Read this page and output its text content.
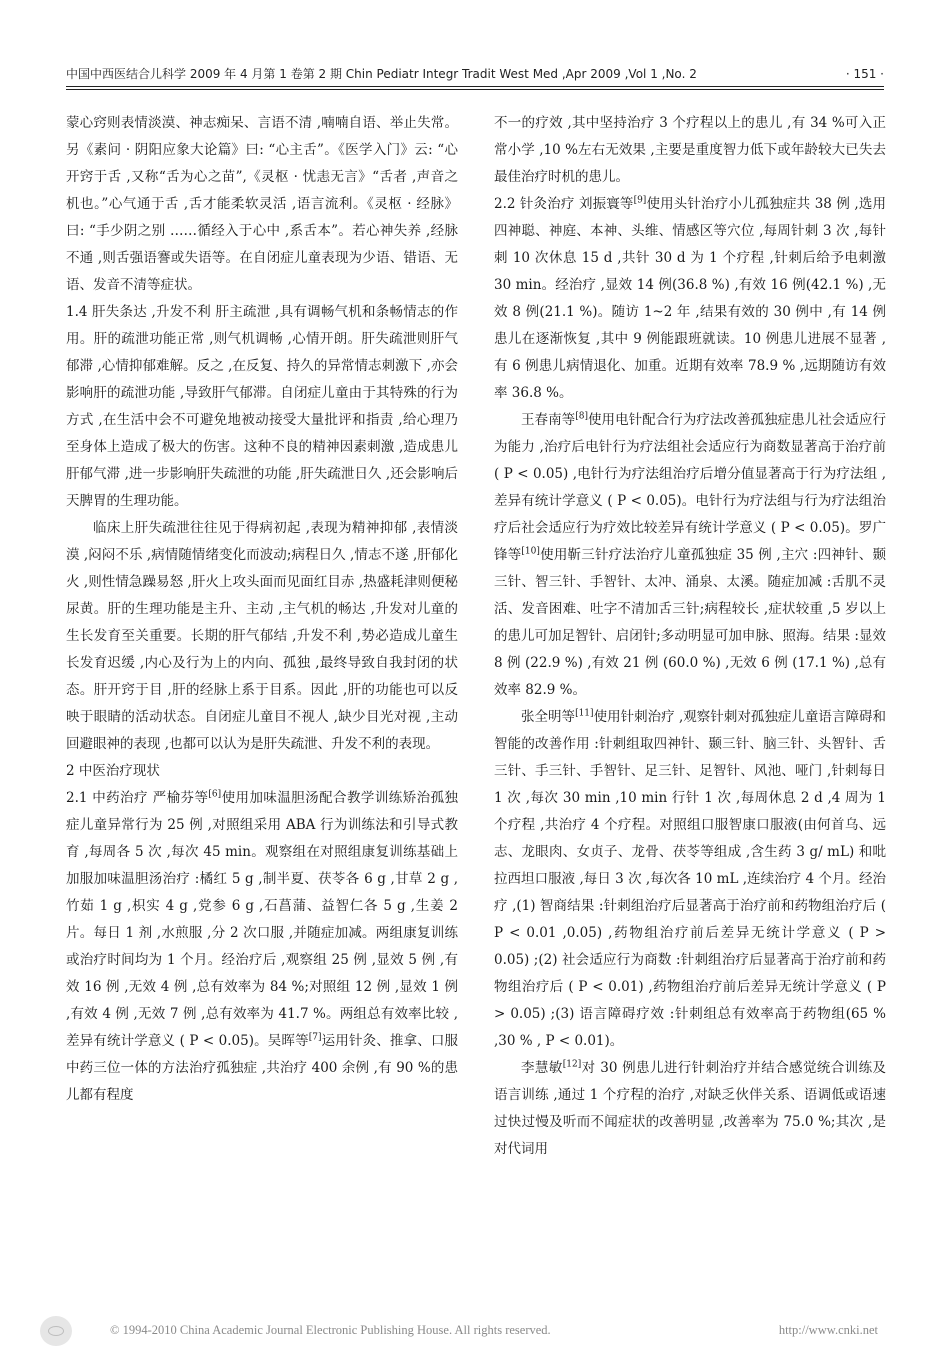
中国中西医结合儿科学 2009 年 4 月第 1 卷第 2 期 Chin Pediatr Integr Tradit West Med ,Apr 2009 ,Vol 1 ,No. 2	· 151 ·

蒙心窍则表情淡漠、神志痴呆、言语不清 ,喃喃自语、举止失常。另《素问 · 阴阳应象大论篇》曰: “心主舌”。《医学入门》云: “心开窍于舌 ,又称“舌为心之苗”,《灵枢 · 忧恚无言》“舌者 ,声音之机也。”心气通于舌 ,舌才能柔软灵活 ,语言流利。《灵枢 · 经脉》曰: “手少阴之别 ……循经入于心中 ,系舌本”。若心神失养 ,经脉不通 ,则舌强语謇或失语等。在自闭症儿童表现为少语、错语、无语、发音不清等症状。

1.4 肝失条达 ,升发不利 肝主疏泄 ,具有调畅气机和条畅情志的作用。肝的疏泄功能正常 ,则气机调畅 ,心情开朗。肝失疏泄则肝气郁滞 ,心情抑郁难解。反之 ,在反复、持久的异常情志刺激下 ,亦会影响肝的疏泄功能 ,导致肝气郁滞。自闭症儿童由于其特殊的行为方式 ,在生活中会不可避免地被动接受大量批评和指责 ,给心理乃至身体上造成了极大的伤害。这种不良的精神因素刺激 ,造成患儿肝郁气滞 ,进一步影响肝失疏泄的功能 ,肝失疏泄日久 ,还会影响后天脾胃的生理功能。

临床上肝失疏泄往往见于得病初起 ,表现为精神抑郁 ,表情淡漠 ,闷闷不乐 ,病情随情绪变化而波动;病程日久 ,情志不遂 ,肝郁化火 ,则性情急躁易怒 ,肝火上攻头面而见面红目赤 ,热盛耗津则便秘尿黄。肝的生理功能是主升、主动 ,主气机的畅达 ,升发对儿童的生长发育至关重要。长期的肝气郁结 ,升发不利 ,势必造成儿童生长发育迟缓 ,内心及行为上的内向、孤独 ,最终导致自我封闭的状态。肝开窍于目 ,肝的经脉上系于目系。因此 ,肝的功能也可以反映于眼睛的活动状态。自闭症儿童目不视人 ,缺少目光对视 ,主动回避眼神的表现 ,也都可以认为是肝失疏泄、升发不利的表现。

2 中医治疗现状

2.1 中药治疗 严榆芬等[6]使用加味温胆汤配合教学训练矫治孤独症儿童异常行为 25 例 ,对照组采用 ABA 行为训练法和引导式教育 ,每周各 5 次 ,每次 45 min。观察组在对照组康复训练基础上加服加味温胆汤治疗 :橘红 5 g ,制半夏、茯苓各 6 g ,甘草 2 g ,竹茹 1 g ,枳实 4 g ,党参 6 g ,石菖蒲、益智仁各 5 g ,生姜 2 片。每日 1 剂 ,水煎服 ,分 2 次口服 ,并随症加减。两组康复训练或治疗时间均为 1 个月。经治疗后 ,观察组 25 例 ,显效 5 例 ,有效 16 例 ,无效 4 例 ,总有效率为 84 %;对照组 12 例 ,显效 1 例 ,有效 4 例 ,无效 7 例 ,总有效率为 41.7 %。两组总有效率比较 ,差异有统计学意义 ( P < 0.05)。吴晖等[7]运用针灸、推拿、口服中药三位一体的方法治疗孤独症 ,共治疗 400 余例 ,有 90 %的患儿都有程度

不一的疗效 ,其中坚持治疗 3 个疗程以上的患儿 ,有 34 %可入正常小学 ,10 %左右无效果 ,主要是重度智力低下或年龄较大已失去最佳治疗时机的患儿。

2.2 针灸治疗 刘振寰等[9]使用头针治疗小儿孤独症共 38 例 ,选用四神聪、神庭、本神、头维、情感区等穴位 ,每周针刺 3 次 ,每针刺 10 次休息 15 d ,共针 30 d 为 1 个疗程 ,针刺后给予电刺激 30 min。经治疗 ,显效 14 例(36.8 %) ,有效 16 例(42.1 %) ,无效 8 例(21.1 %)。随访 1~2 年 ,结果有效的 30 例中 ,有 14 例患儿在逐渐恢复 ,其中 9 例能跟班就读。10 例患儿进展不显著 ,有 6 例患儿病情退化、加重。近期有效率 78.9 % ,远期随访有效率 36.8 %。

王春南等[8]使用电针配合行为疗法改善孤独症患儿社会适应行为能力 ,治疗后电针行为疗法组社会适应行为商数显著高于治疗前 ( P < 0.05) ,电针行为疗法组治疗后增分值显著高于行为疗法组 ,差异有统计学意义 ( P < 0.05)。电针行为疗法组与行为疗法组治疗后社会适应行为疗效比较差异有统计学意义 ( P < 0.05)。罗广锋等[10]使用靳三针疗法治疗儿童孤独症 35 例 ,主穴 :四神针、颞三针、智三针、手智针、太冲、涌泉、太溪。随症加减 :舌肌不灵活、发音困难、吐字不清加舌三针;病程较长 ,症状较重 ,5 岁以上的患儿可加足智针、启闭针;多动明显可加申脉、照海。结果 :显效 8 例 (22.9 %) ,有效 21 例 (60.0 %) ,无效 6 例 (17.1 %) ,总有效率 82.9 %。

张全明等[11]使用针刺治疗 ,观察针刺对孤独症儿童语言障碍和智能的改善作用 :针刺组取四神针、颞三针、脑三针、头智针、舌三针、手三针、手智针、足三针、足智针、风池、哑门 ,针刺每日 1 次 ,每次 30 min ,10 min 行针 1 次 ,每周休息 2 d ,4 周为 1 个疗程 ,共治疗 4 个疗程。对照组口服智康口服液(由何首乌、远志、龙眼肉、女贞子、龙骨、茯苓等组成 ,含生药 3 g/ mL) 和吡拉西坦口服液 ,每日 3 次 ,每次各 10 mL ,连续治疗 4 个月。经治疗 ,(1) 智商结果 :针刺组治疗后显著高于治疗前和药物组治疗后 ( P < 0.01 ,0.05) ,药物组治疗前后差异无统计学意义 ( P > 0.05) ;(2) 社会适应行为商数 :针刺组治疗后显著高于治疗前和药物组治疗后 ( P < 0.01) ,药物组治疗前后差异无统计学意义 ( P > 0.05) ;(3) 语言障碍疗效 :针刺组总有效率高于药物组(65 % ,30 % , P < 0.01)。

李慧敏[12]对 30 例患儿进行针刺治疗并结合感觉统合训练及语言训练 ,通过 1 个疗程的治疗 ,对缺乏伙伴关系、语调低或语速过快过慢及听而不闻症状的改善明显 ,改善率为 75.0 %;其次 ,是对代词用

© 1994-2010 China Academic Journal Electronic Publishing House. All rights reserved.	http://www.cnki.net
